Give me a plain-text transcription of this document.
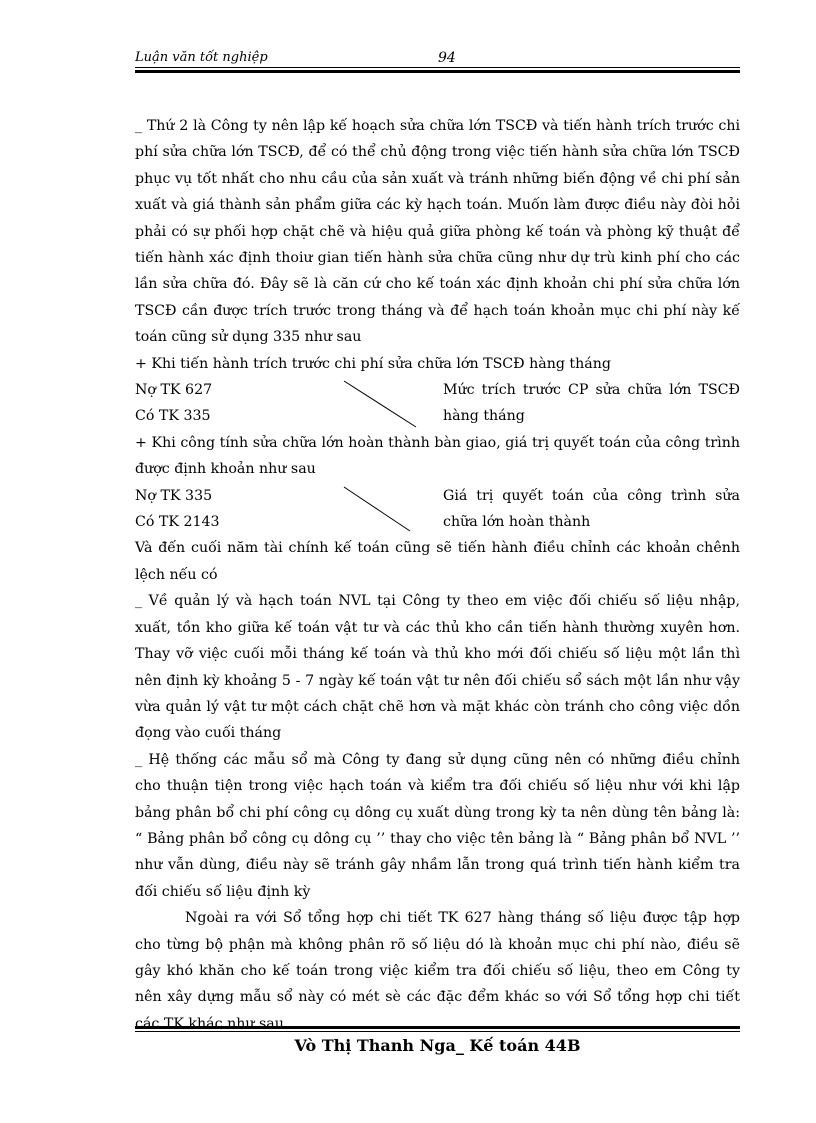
Luận văn tốt nghiệp	94

_ Thứ 2 là Công ty nên lập kế hoạch sửa chữa lớn TSCĐ và tiến hành trích trước chi phí sửa chữa lớn TSCĐ, để có thể chủ động trong việc tiến hành sửa chữa lớn TSCĐ phục vụ tốt nhất cho nhu cầu của sản xuất và tránh những biến động về chi phí sản xuất và giá thành sản phẩm giữa các kỳ hạch toán. Muốn làm được điều này đòi hỏi phải có sự phối hợp chặt chẽ và hiệu quả giữa phòng kế toán và phòng kỹ thuật để tiến hành xác định thoiư gian tiến hành sửa chữa cũng như dự trù kinh phí cho các lần sửa chữa đó. Đây sẽ là căn cứ cho kế toán xác định khoản chi phí sửa chữa lớn TSCĐ cần được trích trước trong tháng và để hạch toán khoản mục chi phí này kế toán cũng sử dụng 335 như sau

+ Khi tiến hành trích trước chi phí sửa chữa lớn TSCĐ hàng tháng

Nợ TK 627
Có TK 335
Mức trích trước CP sửa chữa lớn TSCĐ hàng tháng

+ Khi công tính sửa chữa lớn hoàn thành bàn giao, giá trị quyết toán của công trình được định khoản như sau

Nợ TK 335
Có TK 2143
Giá trị quyết toán của công trình sửa chữa lớn hoàn thành

Và đến cuối năm tài chính kế toán cũng sẽ tiến hành điều chỉnh các khoản chênh lệch nếu có

_ Về quản lý và hạch toán NVL tại Công ty theo em việc đối chiếu số liệu nhập, xuất, tồn kho giữa kế toán vật tư và các thủ kho cần tiến hành thường xuyên hơn. Thay vỡ việc cuối mỗi tháng kế toán và thủ kho mới đối chiếu số liệu một lần thì nên định kỳ khoảng 5 - 7 ngày kế toán vật tư nên đối chiếu sổ sách một lần như vậy vừa quản lý vật tư một cách chặt chẽ hơn và mặt khác còn tránh cho công việc dồn đọng vào cuối tháng

_ Hệ thống các mẫu sổ mà Công ty đang sử dụng cũng nên có những điều chỉnh cho thuận tiện trong việc hạch toán và kiểm tra đối chiếu số liệu như với khi lập bảng phân bổ chi phí công cụ dông cụ xuất dùng trong kỳ ta nên dùng tên bảng là: “ Bảng phân bổ công cụ dông cụ ’’ thay cho việc tên bảng là “ Bảng phân bổ NVL ’’ như vẫn dùng, điều này sẽ tránh gây nhầm lẫn trong quá trình tiến hành kiểm tra đối chiếu số liệu định kỳ

Ngoài ra với Sổ tổng hợp chi tiết TK 627 hàng tháng số liệu được tập hợp cho từng bộ phận mà không phân rõ số liệu dó là khoản mục chi phí nào, điều sẽ gây khó khăn cho kế toán trong việc kiểm tra đối chiếu số liệu, theo em Công ty nên xây dựng mẫu sổ này có mét sè các đặc đểm khác so với Sổ tổng hợp chi tiết các TK khác như sau

Vò Thị Thanh Nga_ Kế toán 44B
